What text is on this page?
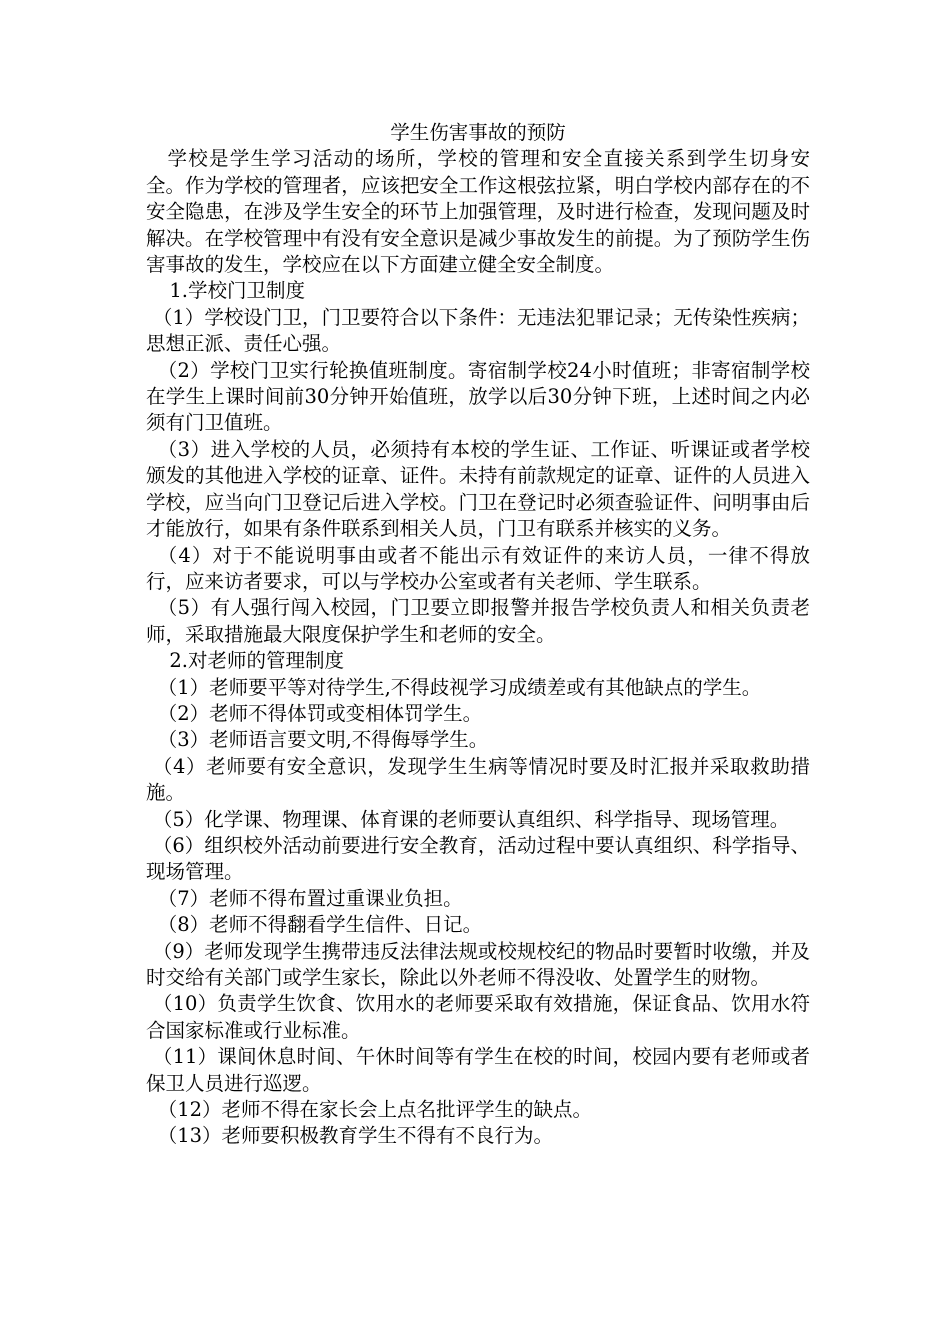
学生伤害事故的预防

学校是学生学习活动的场所，学校的管理和安全直接关系到学生切身安全。作为学校的管理者，应该把安全工作这根弦拉紧，明白学校内部存在的不安全隐患，在涉及学生安全的环节上加强管理，及时进行检查，发现问题及时解决。在学校管理中有没有安全意识是减少事故发生的前提。为了预防学生伤害事故的发生，学校应在以下方面建立健全安全制度。

1.学校门卫制度

（1）学校设门卫，门卫要符合以下条件：无违法犯罪记录；无传染性疾病；思想正派、责任心强。

（2）学校门卫实行轮换值班制度。寄宿制学校24小时值班；非寄宿制学校在学生上课时间前30分钟开始值班，放学以后30分钟下班，上述时间之内必须有门卫值班。

（3）进入学校的人员，必须持有本校的学生证、工作证、听课证或者学校颁发的其他进入学校的证章、证件。未持有前款规定的证章、证件的人员进入学校，应当向门卫登记后进入学校。门卫在登记时必须查验证件、问明事由后才能放行，如果有条件联系到相关人员，门卫有联系并核实的义务。

（4）对于不能说明事由或者不能出示有效证件的来访人员，一律不得放行，应来访者要求，可以与学校办公室或者有关老师、学生联系。

（5）有人强行闯入校园，门卫要立即报警并报告学校负责人和相关负责老师，采取措施最大限度保护学生和老师的安全。

2.对老师的管理制度

（1）老师要平等对待学生,不得歧视学习成绩差或有其他缺点的学生。

（2）老师不得体罚或变相体罚学生。

（3）老师语言要文明,不得侮辱学生。

（4）老师要有安全意识，发现学生生病等情况时要及时汇报并采取救助措施。

（5）化学课、物理课、体育课的老师要认真组织、科学指导、现场管理。

（6）组织校外活动前要进行安全教育，活动过程中要认真组织、科学指导、现场管理。

（7）老师不得布置过重课业负担。

（8）老师不得翻看学生信件、日记。

（9）老师发现学生携带违反法律法规或校规校纪的物品时要暂时收缴，并及时交给有关部门或学生家长，除此以外老师不得没收、处置学生的财物。

（10）负责学生饮食、饮用水的老师要采取有效措施，保证食品、饮用水符合国家标准或行业标准。

（11）课间休息时间、午休时间等有学生在校的时间，校园内要有老师或者保卫人员进行巡逻。

（12）老师不得在家长会上点名批评学生的缺点。

（13）老师要积极教育学生不得有不良行为。
